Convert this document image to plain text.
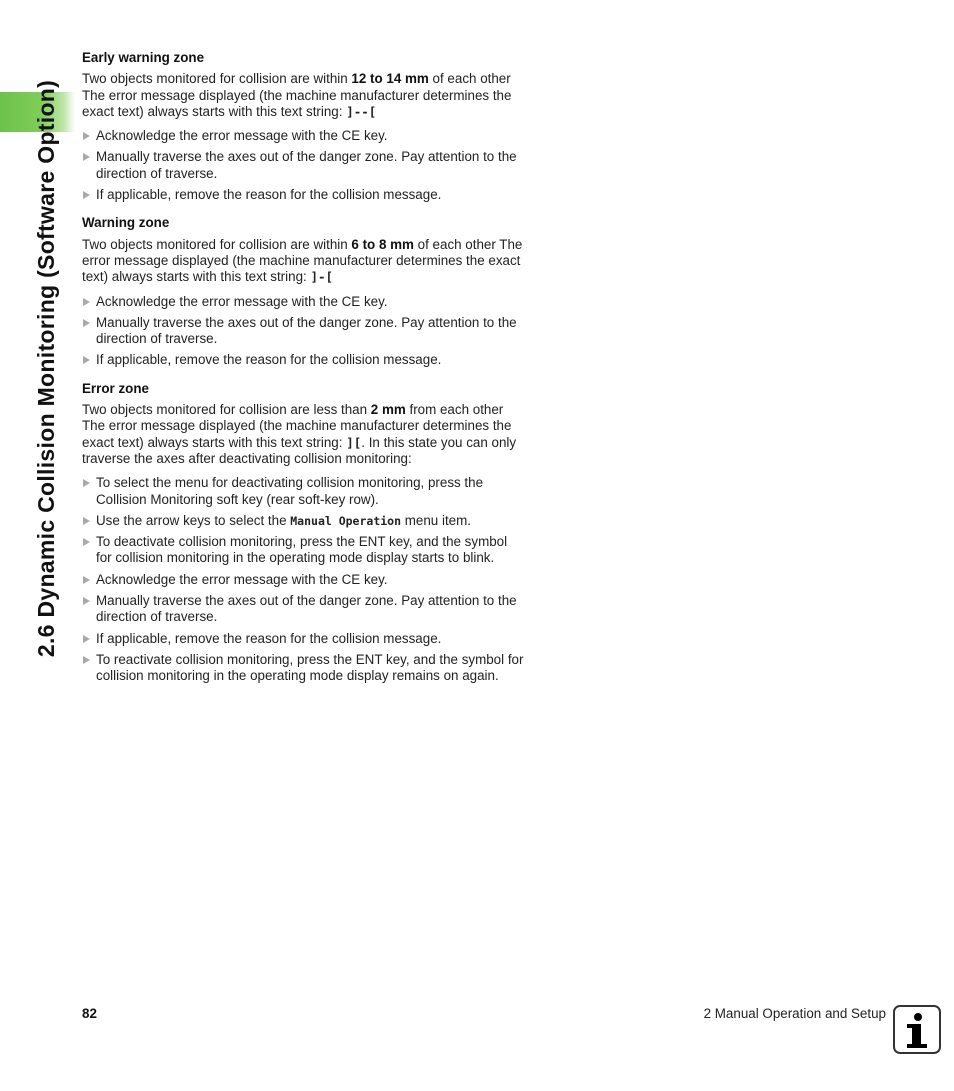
2.6 Dynamic Collision Monitoring (Software Option)
Early warning zone

Two objects monitored for collision are within 12 to 14 mm of each other The error message displayed (the machine manufacturer determines the exact text) always starts with this text string: ]--[

Acknowledge the error message with the CE key.
Manually traverse the axes out of the danger zone. Pay attention to the direction of traverse.
If applicable, remove the reason for the collision message.
Warning zone

Two objects monitored for collision are within 6 to 8 mm of each other The error message displayed (the machine manufacturer determines the exact text) always starts with this text string: ]-[

Acknowledge the error message with the CE key.
Manually traverse the axes out of the danger zone. Pay attention to the direction of traverse.
If applicable, remove the reason for the collision message.
Error zone

Two objects monitored for collision are less than 2 mm from each other The error message displayed (the machine manufacturer determines the exact text) always starts with this text string: ][. In this state you can only traverse the axes after deactivating collision monitoring:

To select the menu for deactivating collision monitoring, press the Collision Monitoring soft key (rear soft-key row).
Use the arrow keys to select the Manual Operation menu item.
To deactivate collision monitoring, press the ENT key, and the symbol for collision monitoring in the operating mode display starts to blink.
Acknowledge the error message with the CE key.
Manually traverse the axes out of the danger zone. Pay attention to the direction of traverse.
If applicable, remove the reason for the collision message.
To reactivate collision monitoring, press the ENT key, and the symbol for collision monitoring in the operating mode display remains on again.
82	2 Manual Operation and Setup
